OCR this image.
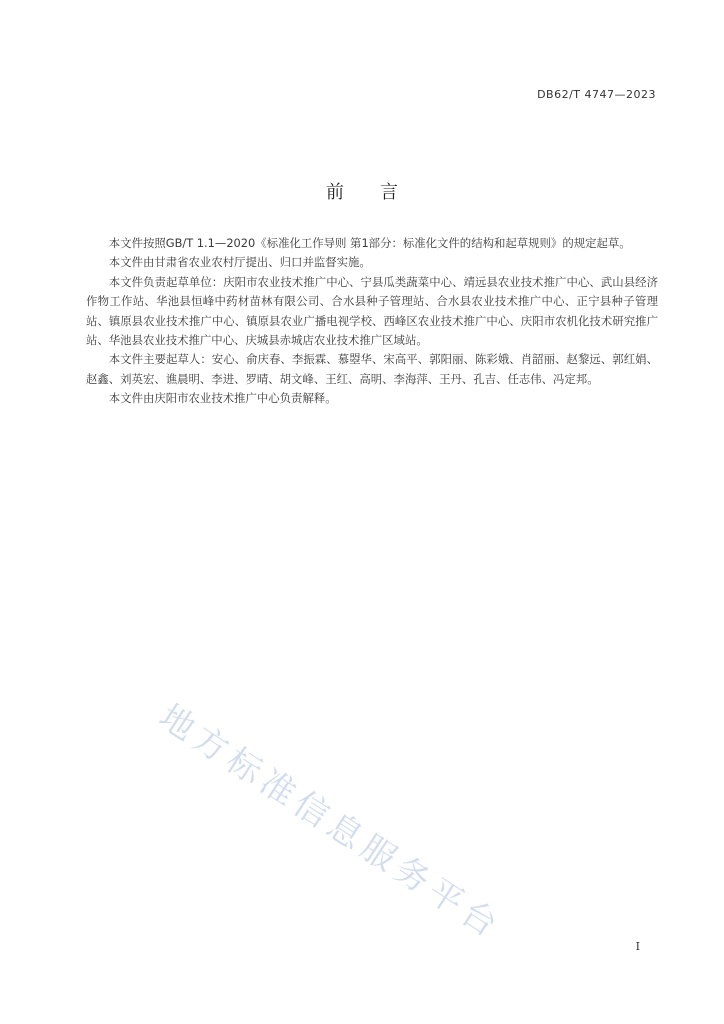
DB62/T 4747—2023
前 言

本文件按照GB/T 1.1—2020《标准化工作导则 第1部分：标准化文件的结构和起草规则》的规定起草。

本文件由甘肃省农业农村厅提出、归口并监督实施。

本文件负责起草单位：庆阳市农业技术推广中心、宁县瓜类蔬菜中心、靖远县农业技术推广中心、武山县经济作物工作站、华池县恒峰中药材苗林有限公司、合水县种子管理站、合水县农业技术推广中心、正宁县种子管理站、镇原县农业技术推广中心、镇原县农业广播电视学校、西峰区农业技术推广中心、庆阳市农机化技术研究推广站、华池县农业技术推广中心、庆城县赤城店农业技术推广区域站。

本文件主要起草人：安心、俞庆春、李振霖、慕曌华、宋高平、郭阳丽、陈彩娥、肖韶丽、赵黎远、郭红娟、赵鑫、刘英宏、谯晨明、李进、罗晴、胡文峰、王红、高明、李海萍、王丹、孔吉、任志伟、冯定邦。

本文件由庆阳市农业技术推广中心负责解释。

地方标准信息服务平台	I
